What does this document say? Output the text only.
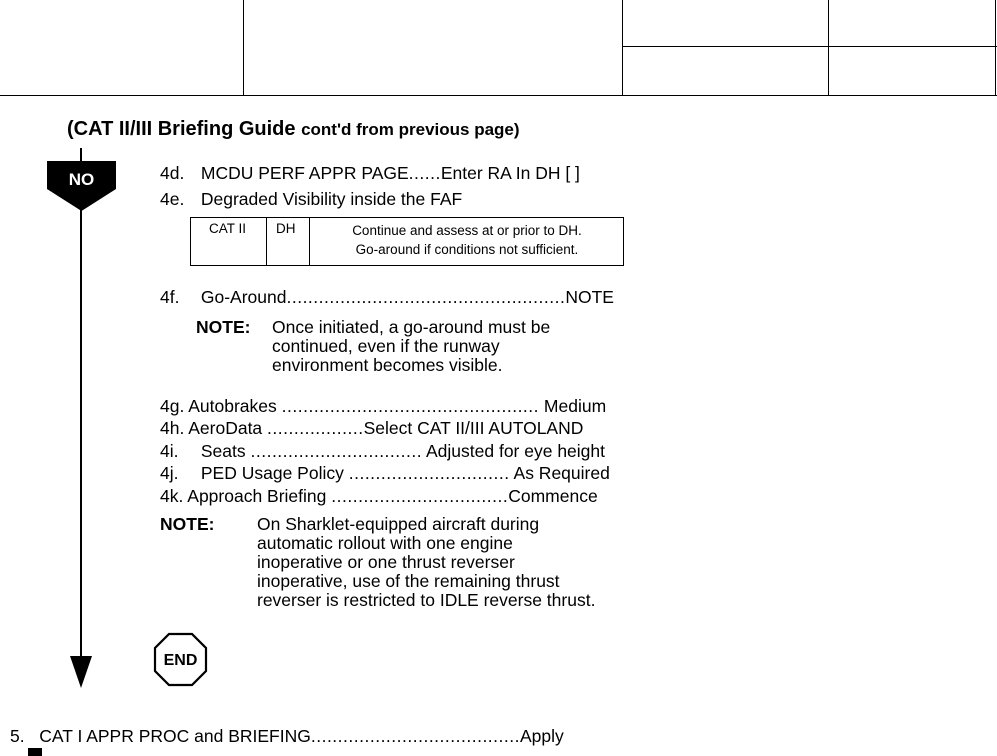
(CAT II/III Briefing Guide cont'd from previous page)
NO	4d. MCDU PERF APPR PAGE......Enter RA In DH [ ]
4e. Degraded Visibility inside the FAF
CAT II DH	Continue and assess at or prior to DH.
Go-around if conditions not sufficient.
4f. Go-Around....................................................NOTE
NOTE: Once initiated, a go-around must be
continued, even if the runway
environment becomes visible.
4g. Autobrakes ................................................ Medium
4h. AeroData ..................Select CAT II/III AUTOLAND
4i. Seats ................................ Adjusted for eye height
4j. PED Usage Policy .............................. As Required
4k. Approach Briefing .................................Commence
NOTE: On Sharklet-equipped aircraft during
automatic rollout with one engine
inoperative or one thrust reverser
inoperative, use of the remaining thrust
reverser is restricted to IDLE reverse thrust.
END
5. CAT I APPR PROC and BRIEFING.......................................Apply
